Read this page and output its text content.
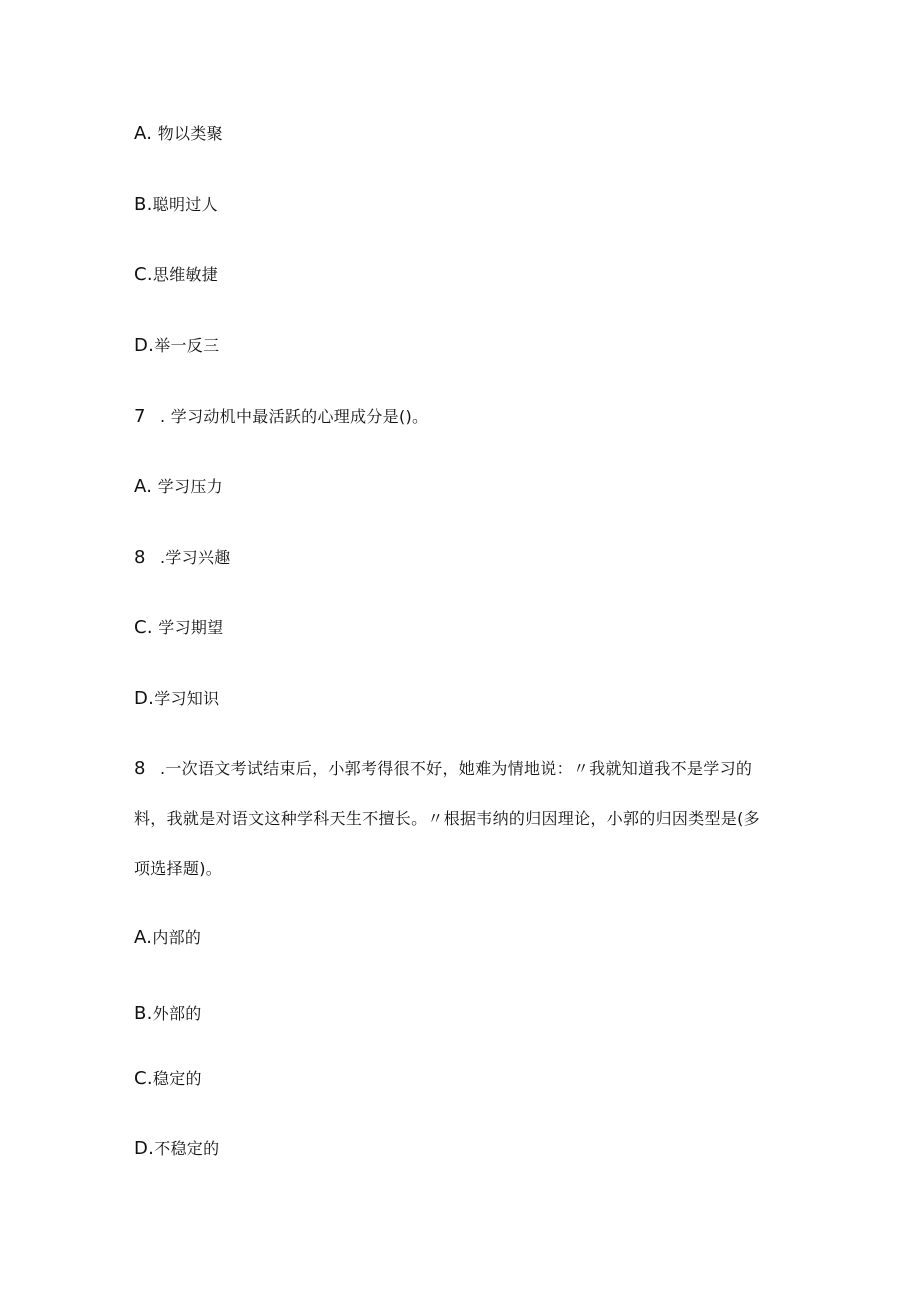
A. 物以类聚
B.聪明过人
C.思维敏捷
D.举一反三
7 . 学习动机中最活跃的心理成分是()。
A. 学习压力
8 .学习兴趣
C. 学习期望
D.学习知识
8 .一次语文考试结束后，小郭考得很不好，她难为情地说：〃我就知道我不是学习的
料，我就是对语文这种学科天生不擅长。〃根据韦纳的归因理论，小郭的归因类型是(多
项选择题)。
A.内部的
B.外部的
C.稳定的
D.不稳定的
